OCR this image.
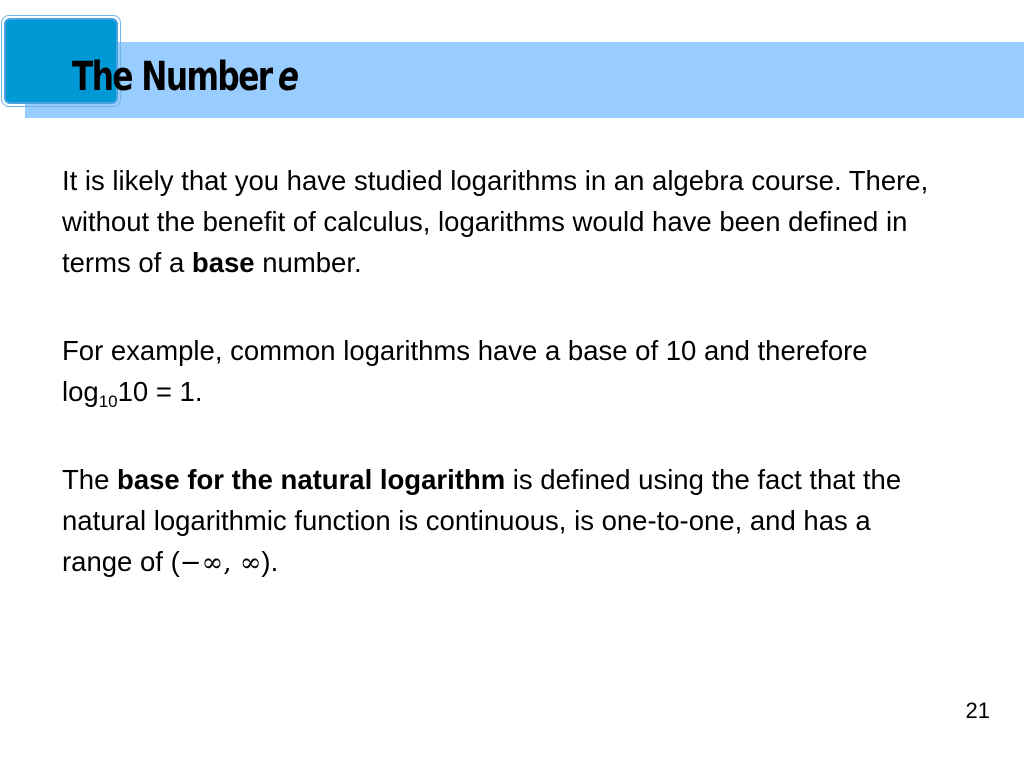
The Number e

It is likely that you have studied logarithms in an algebra course. There, without the benefit of calculus, logarithms would have been defined in terms of a base number.

For example, common logarithms have a base of 10 and therefore $\log_{10}10 = 1$.

The base for the natural logarithm is defined using the fact that the natural logarithmic function is continuous, is one-to-one, and has a range of (−∞, ∞).

21
